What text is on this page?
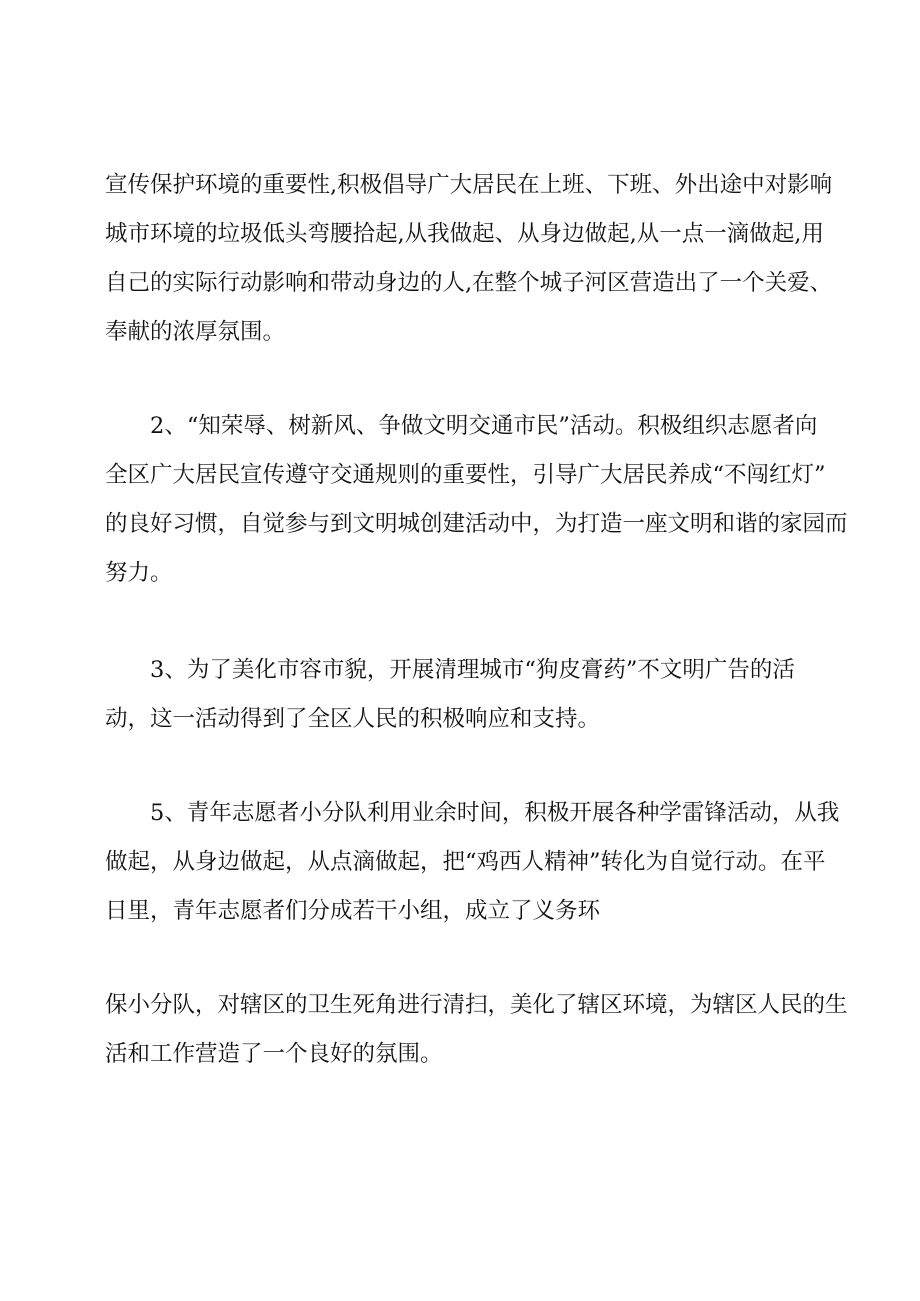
宣传保护环境的重要性,积极倡导广大居民在上班、下班、外出途中对影响

城市环境的垃圾低头弯腰拾起,从我做起、从身边做起,从一点一滴做起,用

自己的实际行动影响和带动身边的人,在整个城子河区营造出了一个关爱、

奉献的浓厚氛围。

2、“知荣辱、树新风、争做文明交通市民”活动。积极组织志愿者向

全区广大居民宣传遵守交通规则的重要性，引导广大居民养成“不闯红灯”

的良好习惯，自觉参与到文明城创建活动中，为打造一座文明和谐的家园而

努力。

3、为了美化市容市貌，开展清理城市“狗皮膏药”不文明广告的活

动，这一活动得到了全区人民的积极响应和支持。

5、青年志愿者小分队利用业余时间，积极开展各种学雷锋活动，从我

做起，从身边做起，从点滴做起，把“鸡西人精神”转化为自觉行动。在平

日里，青年志愿者们分成若干小组，成立了义务环

保小分队，对辖区的卫生死角进行清扫，美化了辖区环境，为辖区人民的生

活和工作营造了一个良好的氛围。
